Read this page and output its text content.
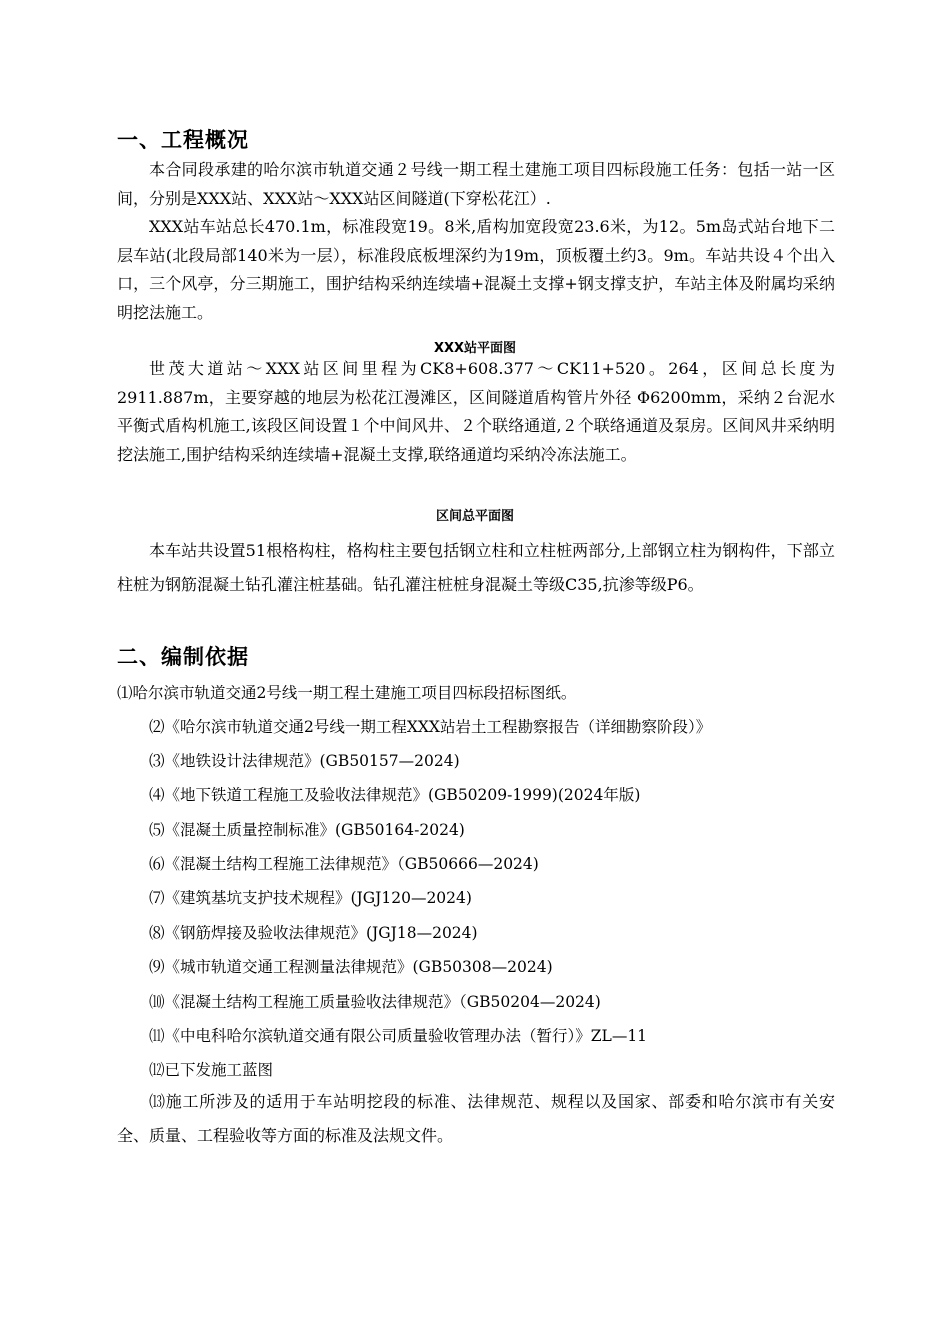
一、工程概况

本合同段承建的哈尔滨市轨道交通２号线一期工程土建施工项目四标段施工任务：包括一站一区间，分别是XXX站、XXX站～XXX站区间隧道(下穿松花江）.

XXX站车站总长470.1m，标准段宽19。8米,盾构加宽段宽23.6米，为12。5m岛式站台地下二层车站(北段局部140米为一层），标准段底板埋深约为19m，顶板覆土约3。9m。车站共设４个出入口，三个风亭，分三期施工，围护结构采纳连续墙+混凝土支撑+钢支撑支护，车站主体及附属均采纳明挖法施工。

XXX站平面图

世茂大道站～XXX站区间里程为CK8+608.377～CK11+520。264，区间总长度为2911.887m，主要穿越的地层为松花江漫滩区，区间隧道盾构管片外径 Φ6200mm，采纳２台泥水平衡式盾构机施工,该段区间设置１个中间风井、２个联络通道,２个联络通道及泵房。区间风井采纳明挖法施工,围护结构采纳连续墙+混凝土支撑,联络通道均采纳冷冻法施工。

区间总平面图

本车站共设置51根格构柱，格构柱主要包括钢立柱和立柱桩两部分,上部钢立柱为钢构件，下部立柱桩为钢筋混凝土钻孔灌注桩基础。钻孔灌注桩桩身混凝土等级C35,抗渗等级P6。

二、编制依据
⑴哈尔滨市轨道交通2号线一期工程土建施工项目四标段招标图纸。
⑵《哈尔滨市轨道交通2号线一期工程XXX站岩土工程勘察报告（详细勘察阶段）》
⑶《地铁设计法律规范》(GB50157—2024)
⑷《地下铁道工程施工及验收法律规范》(GB50209-1999)(2024年版)
⑸《混凝土质量控制标准》(GB50164-2024)
⑹《混凝土结构工程施工法律规范》（GB50666—2024)
⑺《建筑基坑支护技术规程》(JGJ120—2024)
⑻《钢筋焊接及验收法律规范》(JGJ18—2024)
⑼《城市轨道交通工程测量法律规范》(GB50308—2024)
⑽《混凝土结构工程施工质量验收法律规范》（GB50204—2024)
⑾《中电科哈尔滨轨道交通有限公司质量验收管理办法（暂行）》ZL—11
⑿已下发施工蓝图

⒀施工所涉及的适用于车站明挖段的标准、法律规范、规程以及国家、部委和哈尔滨市有关安全、质量、工程验收等方面的标准及法规文件。
